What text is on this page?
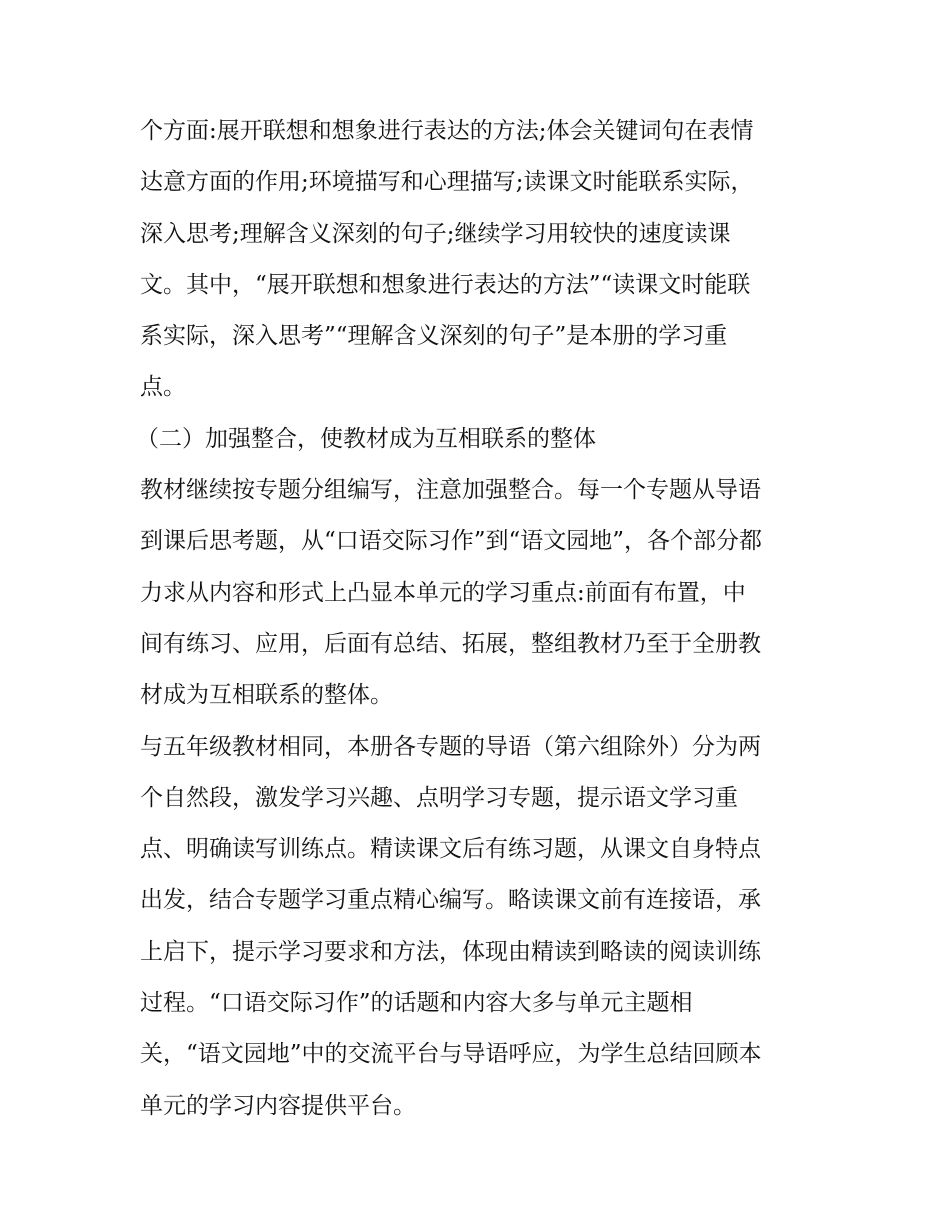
个方面:展开联想和想象进行表达的方法;体会关键词句在表情
达意方面的作用;环境描写和心理描写;读课文时能联系实际，
深入思考;理解含义深刻的句子;继续学习用较快的速度读课
文。其中，“展开联想和想象进行表达的方法”“读课文时能联
系实际，深入思考”“理解含义深刻的句子”是本册的学习重
点。
（二）加强整合，使教材成为互相联系的整体
教材继续按专题分组编写，注意加强整合。每一个专题从导语
到课后思考题，从“口语交际习作”到“语文园地”，各个部分都
力求从内容和形式上凸显本单元的学习重点:前面有布置，中
间有练习、应用，后面有总结、拓展，整组教材乃至于全册教
材成为互相联系的整体。
与五年级教材相同，本册各专题的导语（第六组除外）分为两
个自然段，激发学习兴趣、点明学习专题，提示语文学习重
点、明确读写训练点。精读课文后有练习题，从课文自身特点
出发，结合专题学习重点精心编写。略读课文前有连接语，承
上启下，提示学习要求和方法，体现由精读到略读的阅读训练
过程。“口语交际习作”的话题和内容大多与单元主题相
关，“语文园地”中的交流平台与导语呼应，为学生总结回顾本
单元的学习内容提供平台。
